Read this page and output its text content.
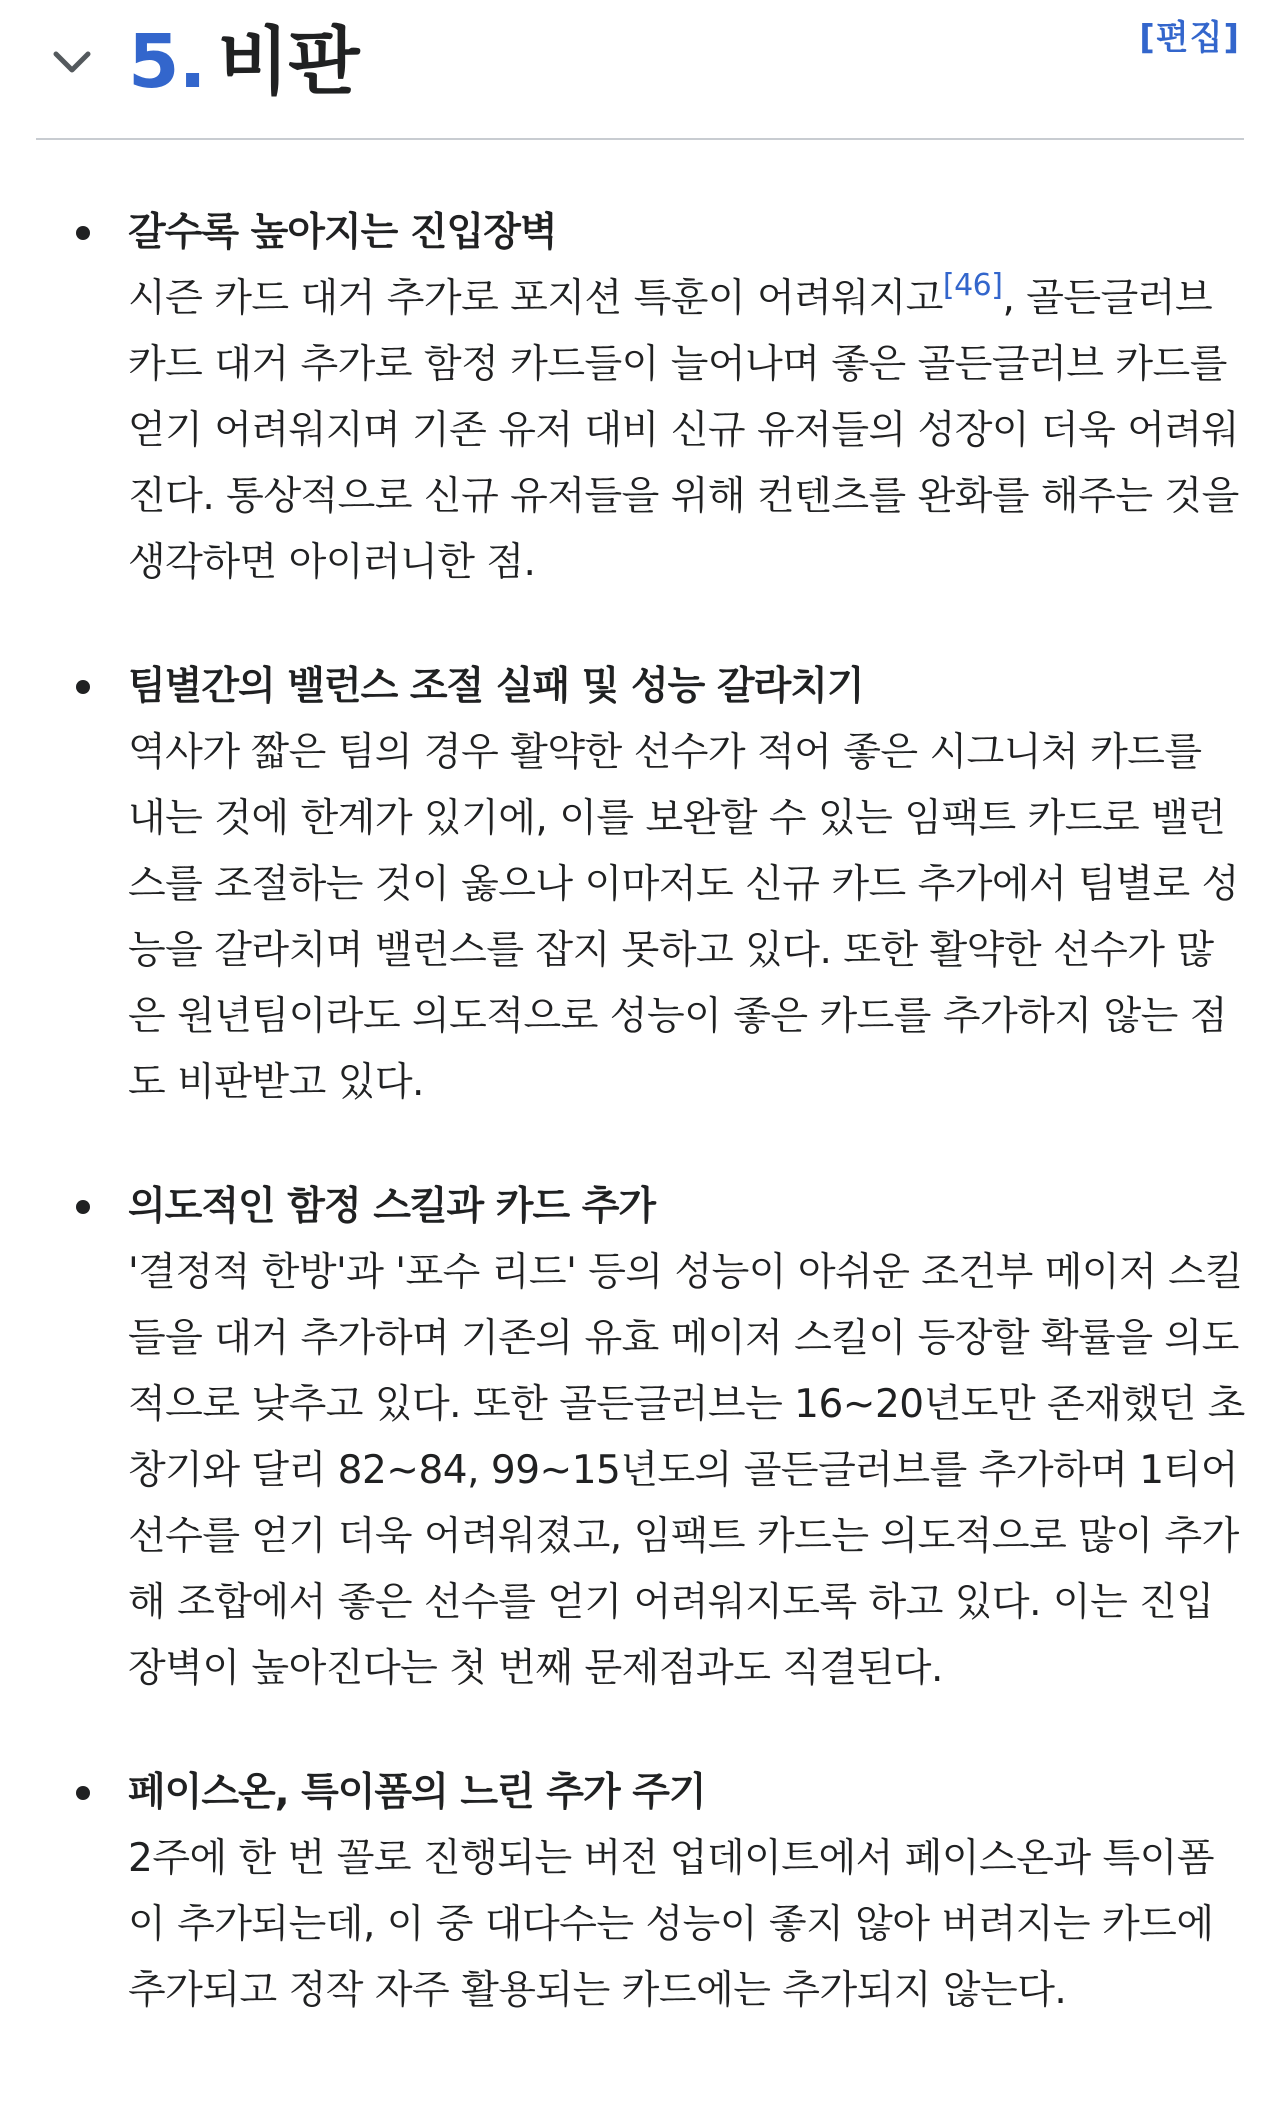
5. 비판	[편집]
갈수록 높아지는 진입장벽

시즌 카드 대거 추가로 포지션 특훈이 어려워지고[46], 골든글러브 카드 대거 추가로 함정 카드들이 늘어나며 좋은 골든글러브 카드를 얻기 어려워지며 기존 유저 대비 신규 유저들의 성장이 더욱 어려워진다. 통상적으로 신규 유저들을 위해 컨텐츠를 완화를 해주는 것을 생각하면 아이러니한 점.

팀별간의 밸런스 조절 실패 및 성능 갈라치기

역사가 짧은 팀의 경우 활약한 선수가 적어 좋은 시그니처 카드를 내는 것에 한계가 있기에, 이를 보완할 수 있는 임팩트 카드로 밸런스를 조절하는 것이 옳으나 이마저도 신규 카드 추가에서 팀별로 성능을 갈라치며 밸런스를 잡지 못하고 있다. 또한 활약한 선수가 많은 원년팀이라도 의도적으로 성능이 좋은 카드를 추가하지 않는 점도 비판받고 있다.

의도적인 함정 스킬과 카드 추가

'결정적 한방'과 '포수 리드' 등의 성능이 아쉬운 조건부 메이저 스킬들을 대거 추가하며 기존의 유효 메이저 스킬이 등장할 확률을 의도적으로 낮추고 있다. 또한 골든글러브는 16~20년도만 존재했던 초창기와 달리 82~84, 99~15년도의 골든글러브를 추가하며 1티어 선수를 얻기 더욱 어려워졌고, 임팩트 카드는 의도적으로 많이 추가해 조합에서 좋은 선수를 얻기 어려워지도록 하고 있다. 이는 진입장벽이 높아진다는 첫 번째 문제점과도 직결된다.

페이스온, 특이폼의 느린 추가 주기

2주에 한 번 꼴로 진행되는 버전 업데이트에서 페이스온과 특이폼이 추가되는데, 이 중 대다수는 성능이 좋지 않아 버려지는 카드에 추가되고 정작 자주 활용되는 카드에는 추가되지 않는다.
